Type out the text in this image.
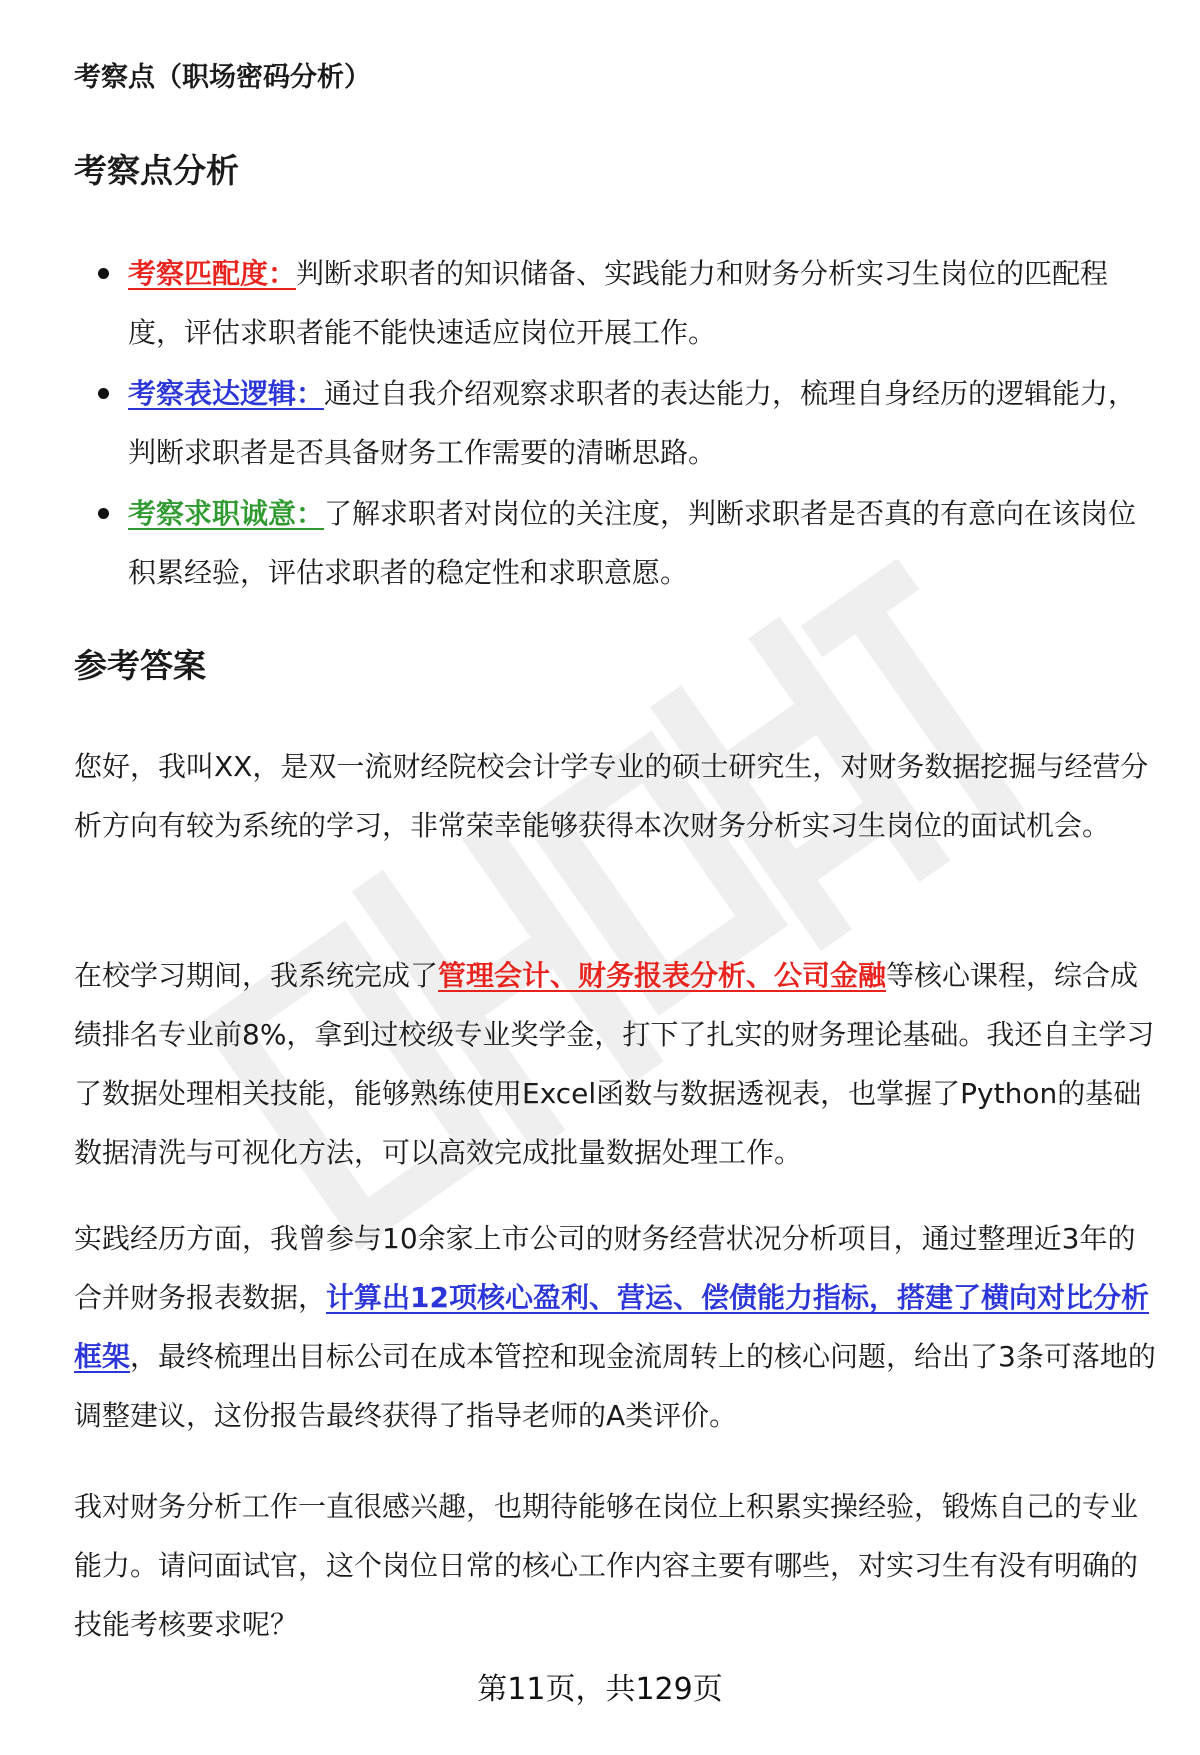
考察点（职场密码分析）
考察点分析
考察匹配度：判断求职者的知识储备、实践能力和财务分析实习生岗位的匹配程度，评估求职者能不能快速适应岗位开展工作。
考察表达逻辑：通过自我介绍观察求职者的表达能力，梳理自身经历的逻辑能力，判断求职者是否具备财务工作需要的清晰思路。
考察求职诚意：了解求职者对岗位的关注度，判断求职者是否真的有意向在该岗位积累经验，评估求职者的稳定性和求职意愿。
参考答案

您好，我叫XX，是双一流财经院校会计学专业的硕士研究生，对财务数据挖掘与经营分析方向有较为系统的学习，非常荣幸能够获得本次财务分析实习生岗位的面试机会。

在校学习期间，我系统完成了管理会计、财务报表分析、公司金融等核心课程，综合成绩排名专业前8%，拿到过校级专业奖学金，打下了扎实的财务理论基础。我还自主学习了数据处理相关技能，能够熟练使用Excel函数与数据透视表，也掌握了Python的基础数据清洗与可视化方法，可以高效完成批量数据处理工作。

实践经历方面，我曾参与10余家上市公司的财务经营状况分析项目，通过整理近3年的合并财务报表数据，计算出12项核心盈利、营运、偿债能力指标，搭建了横向对比分析框架，最终梳理出目标公司在成本管控和现金流周转上的核心问题，给出了3条可落地的调整建议，这份报告最终获得了指导老师的A类评价。

我对财务分析工作一直很感兴趣，也期待能够在岗位上积累实操经验，锻炼自己的专业能力。请问面试官，这个岗位日常的核心工作内容主要有哪些，对实习生有没有明确的技能考核要求呢？

第11页，共129页
